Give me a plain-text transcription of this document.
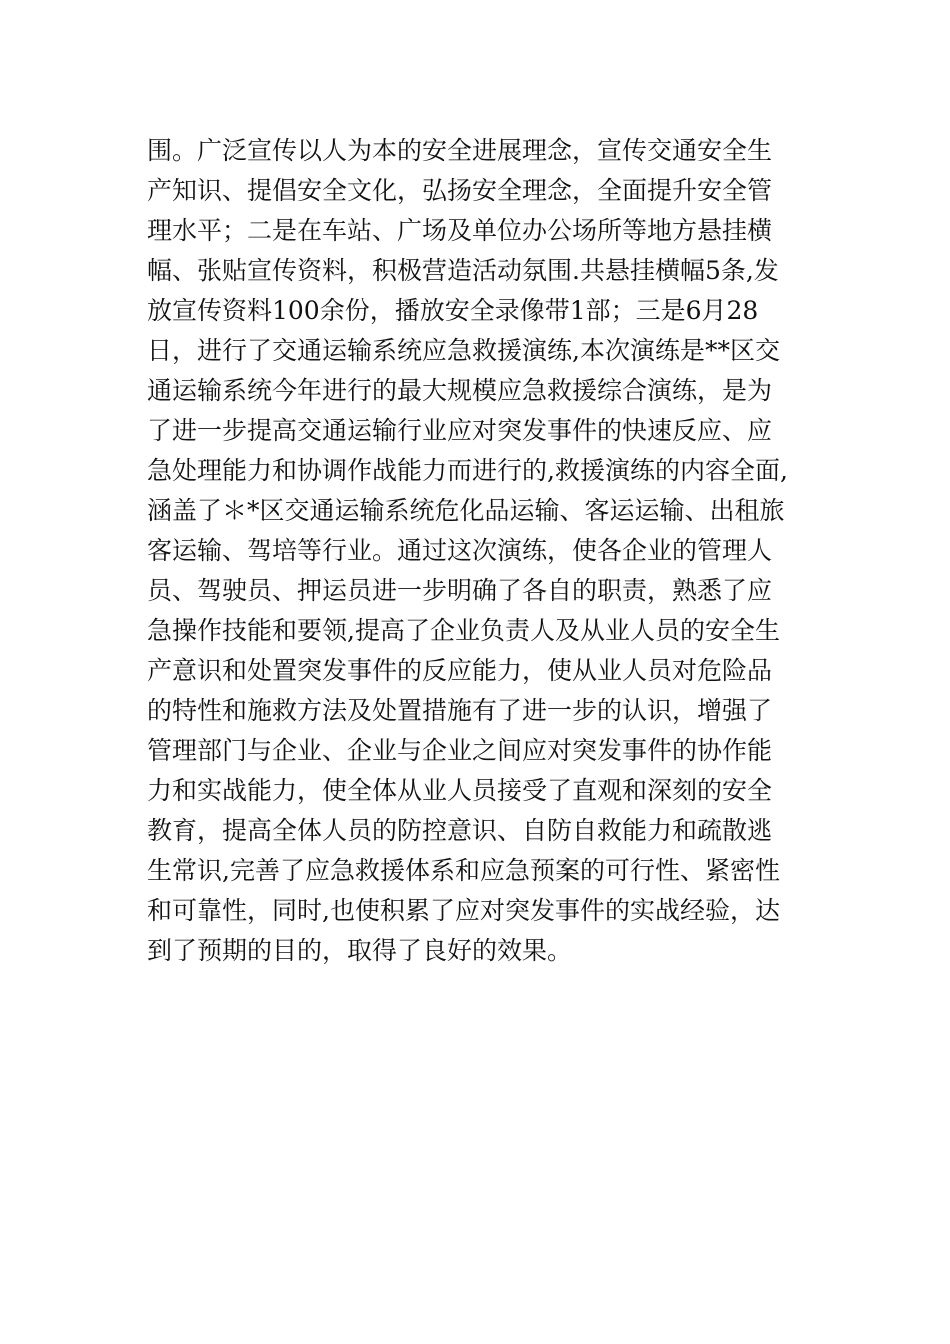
围。广泛宣传以人为本的安全进展理念，宣传交通安全生
产知识、提倡安全文化，弘扬安全理念，全面提升安全管
理水平；二是在车站、广场及单位办公场所等地方悬挂横
幅、张贴宣传资料，积极营造活动氛围.共悬挂横幅5条,发
放宣传资料100余份，播放安全录像带1部；三是6月28
日，进行了交通运输系统应急救援演练,本次演练是**区交
通运输系统今年进行的最大规模应急救援综合演练，是为
了进一步提高交通运输行业应对突发事件的快速反应、应
急处理能力和协调作战能力而进行的,救援演练的内容全面,
涵盖了＊*区交通运输系统危化品运输、客运运输、出租旅
客运输、驾培等行业。通过这次演练，使各企业的管理人
员、驾驶员、押运员进一步明确了各自的职责，熟悉了应
急操作技能和要领,提高了企业负责人及从业人员的安全生
产意识和处置突发事件的反应能力，使从业人员对危险品
的特性和施救方法及处置措施有了进一步的认识，增强了
管理部门与企业、企业与企业之间应对突发事件的协作能
力和实战能力，使全体从业人员接受了直观和深刻的安全
教育，提高全体人员的防控意识、自防自救能力和疏散逃
生常识,完善了应急救援体系和应急预案的可行性、紧密性
和可靠性，同时,也使积累了应对突发事件的实战经验，达
到了预期的目的，取得了良好的效果。
